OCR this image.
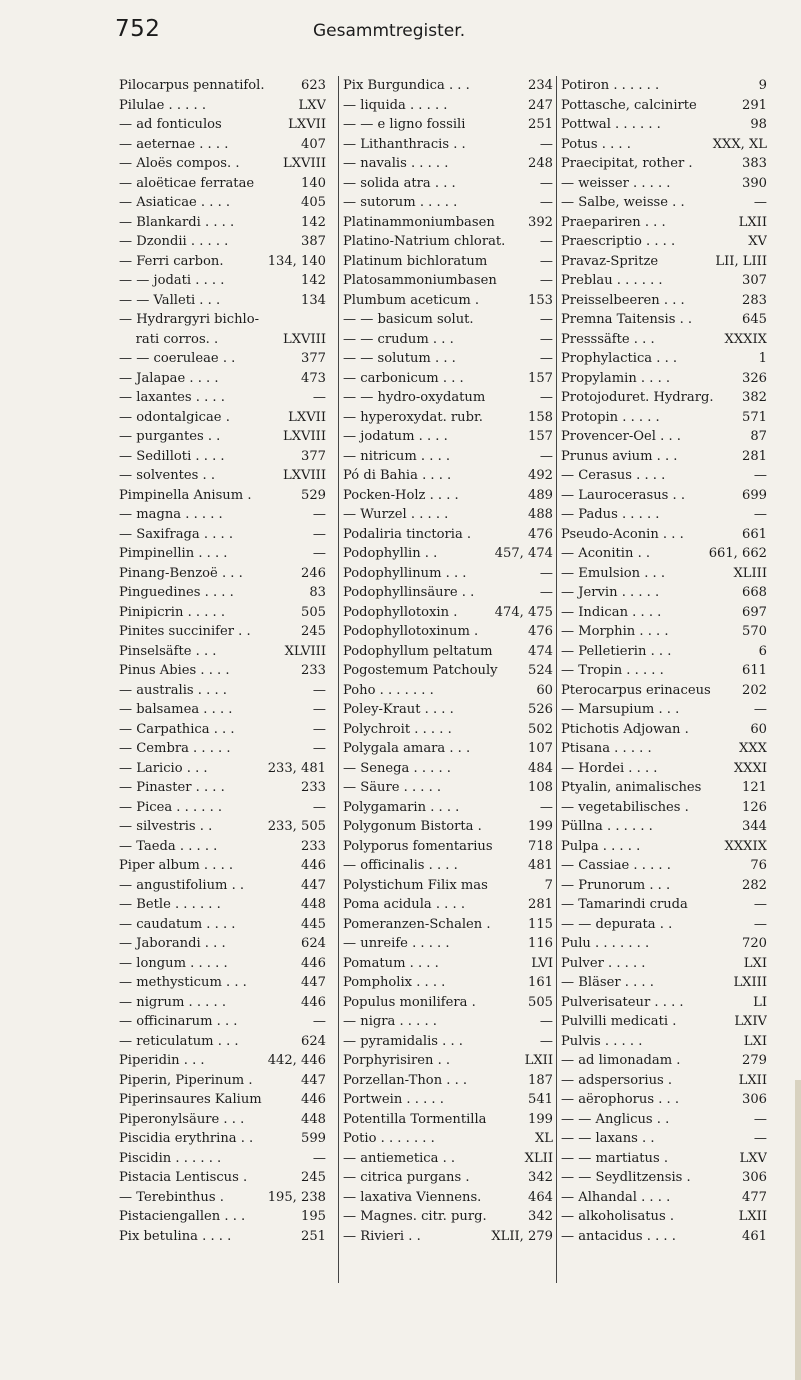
752	Gesammtregister.
Pilocarpus pennatifol.	623
Pilulae . . . . .	LXV
— ad fonticulos	LXVII
— aeternae . . . .	407
— Aloës compos. .	LXVIII
— aloëticae ferratae	140
— Asiaticae . . . .	405
— Blankardi . . . .	142
— Dzondii . . . . .	387
— Ferri carbon.	134, 140
— — jodati . . . .	142
— — Valleti . . .	134
— Hydrargyri bichlo-
rati corros. .	LXVIII
— — coeruleae . .	377
— Jalapae . . . .	473
— laxantes . . . .	—
— odontalgicae .	LXVII
— purgantes . .	LXVIII
— Sedilloti . . . .	377
— solventes . .	LXVIII
Pimpinella Anisum .	529
— magna . . . . .	—
— Saxifraga . . . .	—
Pimpinellin . . . .	—
Pinang-Benzoë . . .	246
Pinguedines . . . .	83
Pinipicrin . . . . .	505
Pinites succinifer . .	245
Pinselsäfte . . .	XLVIII
Pinus Abies . . . .	233
— australis . . . .	—
— balsamea . . . .	—
— Carpathica . . .	—
— Cembra . . . . .	—
— Laricio . . .	233, 481
— Pinaster . . . .	233
— Picea . . . . . .	—
— silvestris . .	233, 505
— Taeda . . . . .	233
Piper album . . . .	446
— angustifolium . .	447
— Betle . . . . . .	448
— caudatum . . . .	445
— Jaborandi . . .	624
— longum . . . . .	446
— methysticum . . .	447
— nigrum . . . . .	446
— officinarum . . .	—
— reticulatum . . .	624
Piperidin . . .	442, 446
Piperin, Piperinum .	447
Piperinsaures Kalium	446
Piperonylsäure . . .	448
Piscidia erythrina . .	599
Piscidin . . . . . .	—
Pistacia Lentiscus .	245
— Terebinthus .	195, 238
Pistaciengallen . . .	195
Pix betulina . . . .	251
Pix Burgundica . . .	234
— liquida . . . . .	247
— — e ligno fossili	251
— Lithanthracis . .	—
— navalis . . . . .	248
— solida atra . . .	—
— sutorum . . . . .	—
Platinammoniumbasen	392
Platino-Natrium chlorat.	—
Platinum bichloratum	—
Platosammoniumbasen	—
Plumbum aceticum .	153
— — basicum solut.	—
— — crudum . . .	—
— — solutum . . .	—
— carbonicum . . .	157
— — hydro-oxydatum	—
— hyperoxydat. rubr.	158
— jodatum . . . .	157
— nitricum . . . .	—
Pó di Bahia . . . .	492
Pocken-Holz . . . .	489
— Wurzel . . . . .	488
Podaliria tinctoria .	476
Podophyllin . .	457, 474
Podophyllinum . . .	—
Podophyllinsäure . .	—
Podophyllotoxin .	474, 475
Podophyllotoxinum .	476
Podophyllum peltatum	474
Pogostemum Patchouly 524
Poho . . . . . . .	60
Poley-Kraut . . . .	526
Polychroit . . . . .	502
Polygala amara . . .	107
— Senega . . . . .	484
— Säure . . . . .	108
Polygamarin . . . .	—
Polygonum Bistorta .	199
Polyporus fomentarius	718
— officinalis . . . .	481
Polystichum Filix mas	7
Poma acidula . . . .	281
Pomeranzen-Schalen .	115
— unreife . . . . .	116
Pomatum . . . .	LVI
Pompholix . . . .	161
Populus monilifera .	505
— nigra . . . . .	—
— pyramidalis . . .	—
Porphyrisiren . .	LXII
Porzellan-Thon . . .	187
Portwein . . . . .	541
Potentilla Tormentilla	199
Potio . . . . . . .	XL
— antiemetica . .	XLII
— citrica purgans .	342
— laxativa Viennens.	464
— Magnes. citr. purg.	342
— Rivieri . .	XLII, 279
Potiron . . . . . .	9
Pottasche, calcinirte	291
Pottwal . . . . . .	98
Potus . . . .	XXX, XL
Praecipitat, rother .	383
— weisser . . . . .	390
— Salbe, weisse . .	—
Praepariren . . .	LXII
Praescriptio . . . .	XV
Pravaz-Spritze	LII, LIII
Preblau . . . . . .	307
Preisselbeeren . . .	283
Premna Taitensis . .	645
Presssäfte . . .	XXXIX
Prophylactica . . .	1
Propylamin . . . .	326
Protojoduret. Hydrarg. 382
Protopin . . . . .	571
Provencer-Oel . . .	87
Prunus avium . . .	281
— Cerasus . . . .	—
— Laurocerasus . .	699
— Padus . . . . .	—
Pseudo-Aconin . . .	661
— Aconitin . .	661, 662
— Emulsion . . .	XLIII
— Jervin . . . . .	668
— Indican . . . .	697
— Morphin . . . .	570
— Pelletierin . . .	6
— Tropin . . . . .	611
Pterocarpus erinaceus 202
— Marsupium . . .	—
Ptichotis Adjowan .	60
Ptisana . . . . .	XXX
— Hordei . . . .	XXXI
Ptyalin, animalisches	121
— vegetabilisches .	126
Püllna . . . . . .	344
Pulpa . . . . .	XXXIX
— Cassiae . . . . .	76
— Prunorum . . .	282
— Tamarindi cruda	—
— — depurata . .	—
Pulu . . . . . . .	720
Pulver . . . . .	LXI
— Bläser . . . .	LXIII
Pulverisateur . . . .	LI
Pulvilli medicati .	LXIV
Pulvis . . . . .	LXI
— ad limonadam .	279
— adspersorius .	LXII
— aërophorus . . .	306
— — Anglicus . .	—
— — laxans . .	—
— — martiatus .	LXV
— — Seydlitzensis .	306
— Alhandal . . . .	477
— alkoholisatus .	LXII
— antacidus . . . .	461
